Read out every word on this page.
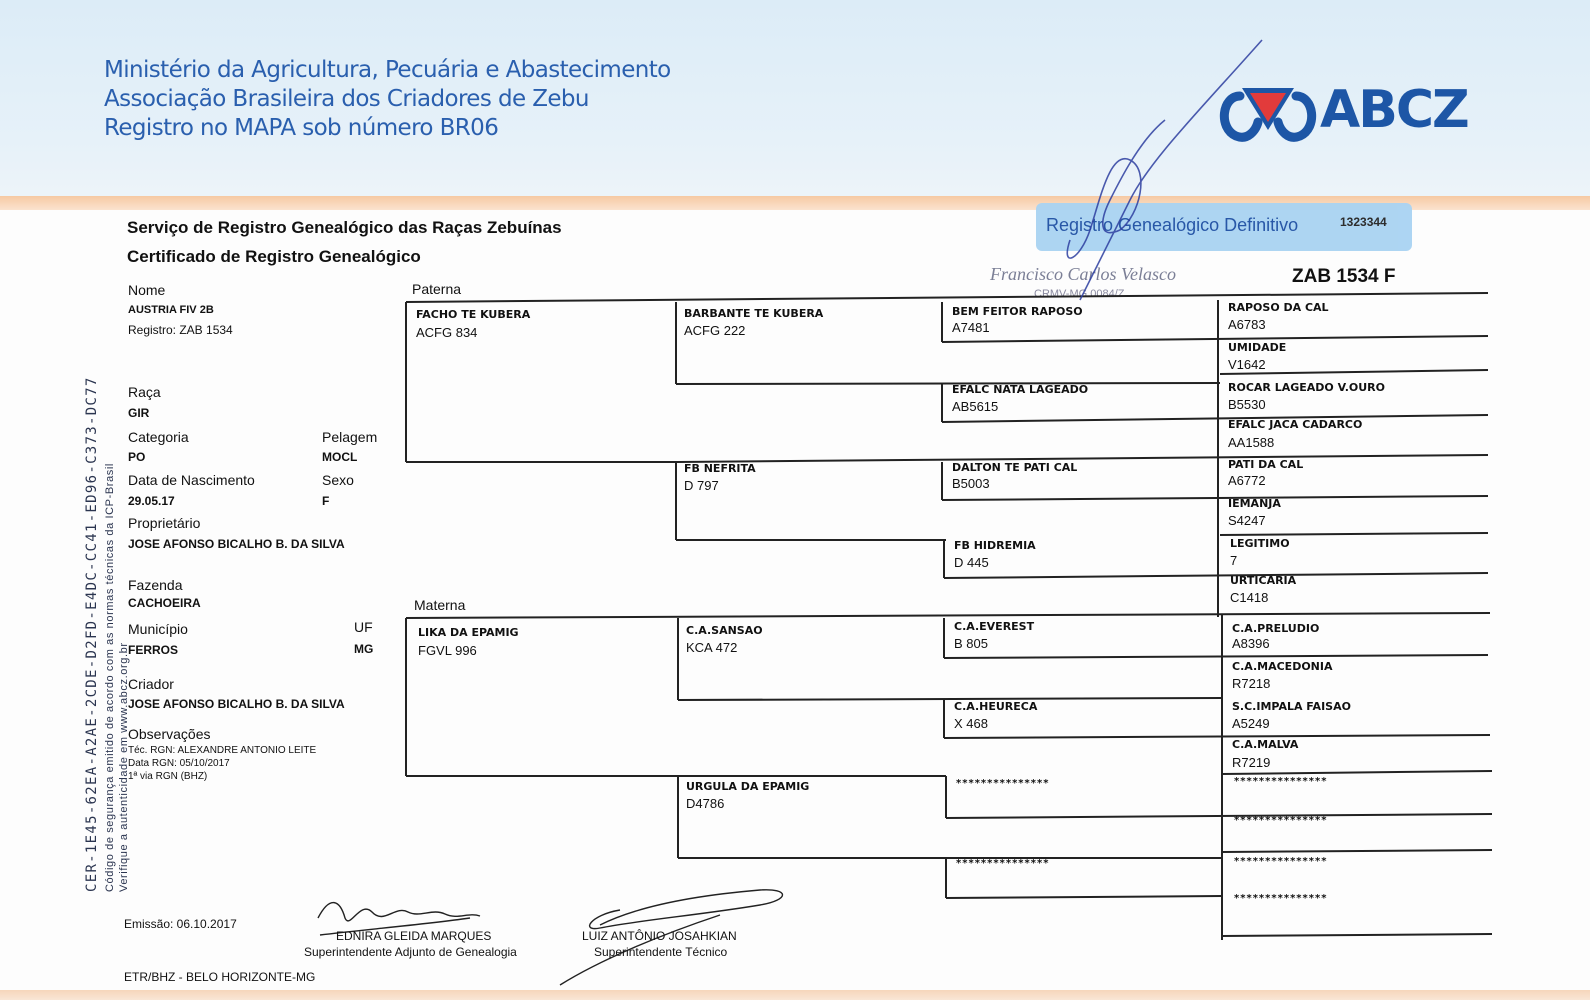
Ministério da Agricultura, Pecuária e Abastecimento
Associação Brasileira dos Criadores de Zebu
Registro no MAPA sob número BR06	ABCZ
Serviço de Registro Genealógico das Raças Zebuínas
Certificado de Registro Genealógico
Registro Genealógico Definitivo	1323344
Francisco Carlos Velasco
CRMV-MG 0084/Z
ZAB 1534 F
CER-1E45-62EA-A2AE-2CDE-D2FD-E4DC-CC41-ED96-C373-DC77 Código de segurança emitido de acordo com as normas técnicas da ICP-Brasil Verifique a autenticidade em www.abcz.org.br
Nome
AUSTRIA FIV 2B
Registro: ZAB 1534
Raça
GIR
Categoria
PO
Pelagem
MOCL
Data de Nascimento
29.05.17
Sexo
F
Proprietário
JOSE AFONSO BICALHO B. DA SILVA
Fazenda
CACHOEIRA
Município
FERROS
UF
MG
Criador
JOSE AFONSO BICALHO B. DA SILVA
Observações
Téc. RGN: ALEXANDRE ANTONIO LEITE
Data RGN: 05/10/2017
1ª via RGN (BHZ)
Paterna
Materna
FACHO TE KUBERA
ACFG 834
LIKA DA EPAMIG
FGVL 996
BARBANTE TE KUBERA
ACFG 222
FB NEFRITA
D 797
C.A.SANSAO
KCA 472
URGULA DA EPAMIG
D4786
BEM FEITOR RAPOSO
A7481
EFALC NATA LAGEADO
AB5615
DALTON TE PATI CAL
B5003
FB HIDREMIA
D 445
C.A.EVEREST
B 805
C.A.HEURECA
X 468
***************
***************
RAPOSO DA CAL
A6783
UMIDADE
V1642
ROCAR LAGEADO V.OURO
B5530
EFALC JACA CADARCO
AA1588
PATI DA CAL
A6772
IEMANJA
S4247
LEGITIMO
7
URTICARIA
C1418
C.A.PRELUDIO
A8396
C.A.MACEDONIA
R7218
S.C.IMPALA FAISAO
A5249
C.A.MALVA
R7219
***************
***************
***************
***************
Emissão: 06.10.2017
EDNIRA GLEIDA MARQUES
Superintendente Adjunto de Genealogia
LUIZ ANTÔNIO JOSAHKIAN
Superintendente Técnico
ETR/BHZ - BELO HORIZONTE-MG
